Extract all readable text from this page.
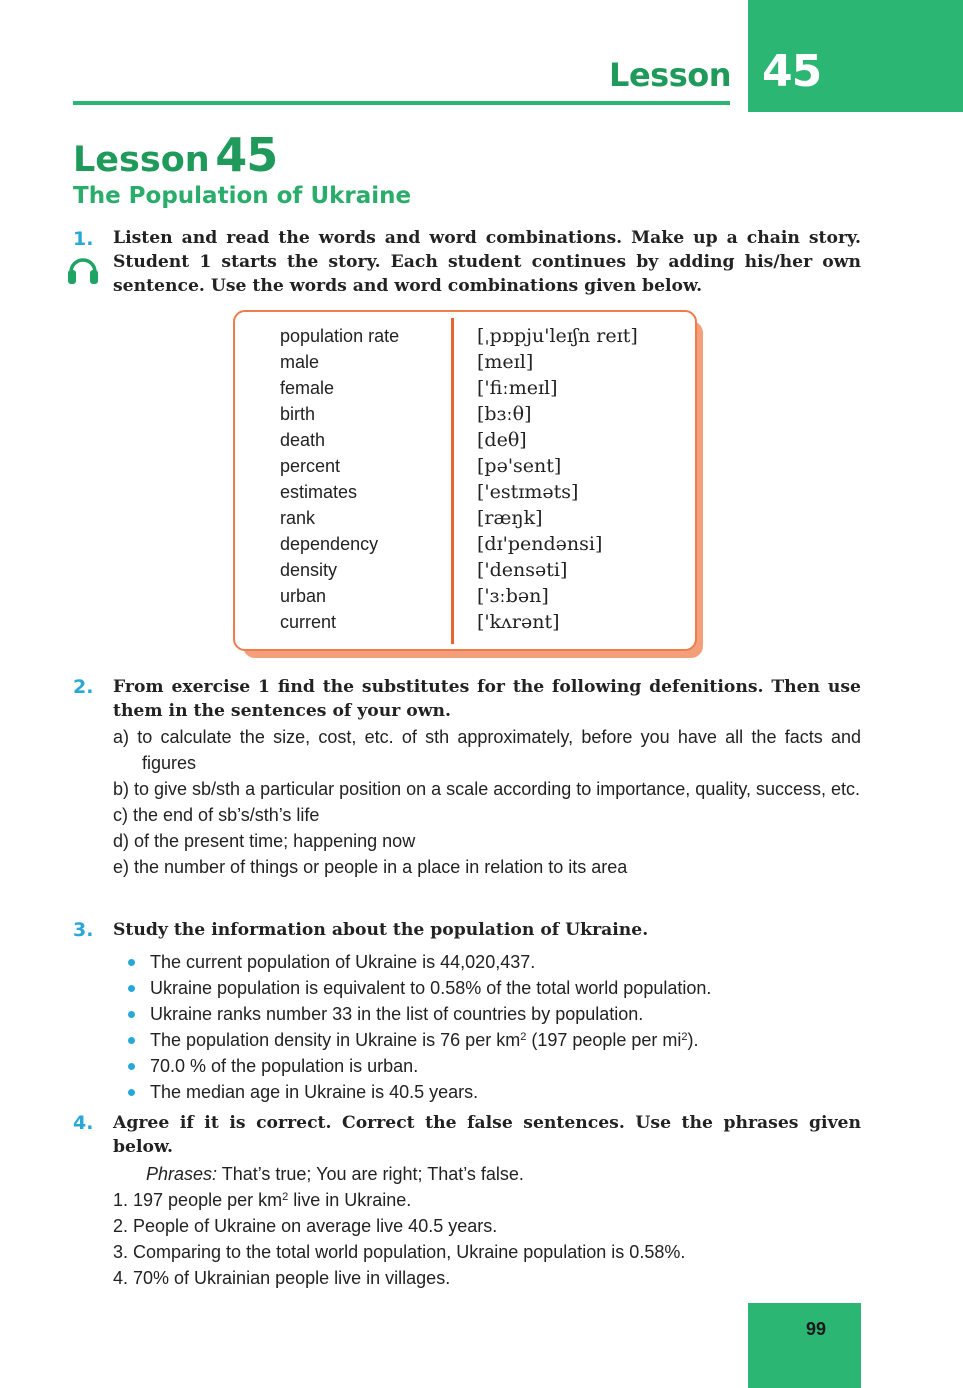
Lesson 45
Lesson 45
The Population of Ukraine
1. Listen and read the words and word combinations. Make up a chain story. Student 1 starts the story. Each student continues by adding his/her own sentence. Use the words and word combinations given below.
population rate
male
female
birth
death
percent
estimates
rank
dependency
density
urban
current
[ˌpɒpju'leɪʃn reɪt]
[meɪl]
['fiːmeɪl]
[bɜːθ]
[deθ]
[pə'sent]
['estɪməts]
[ræŋk]
[dɪ'pendənsi]
['densəti]
['ɜːbən]
['kʌrənt]
2. From exercise 1 find the substitutes for the following defenitions. Then use them in the sentences of your own.
a) to calculate the size, cost, etc. of sth approximately, before you have all the facts and figures
b) to give sb/sth a particular position on a scale according to importance, quality, success, etc.
c) the end of sb’s/sth’s life
d) of the present time; happening now
e) the number of things or people in a place in relation to its area
3. Study the information about the population of Ukraine.
The current population of Ukraine is 44,020,437.
Ukraine population is equivalent to 0.58% of the total world population.
Ukraine ranks number 33 in the list of countries by population.
The population density in Ukraine is 76 per $km^2$ (197 people per $mi^2$).
70.0 % of the population is urban.
The median age in Ukraine is 40.5 years.
4. Agree if it is correct. Correct the false sentences. Use the phrases given below.
Phrases: That’s true; You are right; That’s false.
1. 197 people per $km^2$ live in Ukraine.
2. People of Ukraine on average live 40.5 years.
3. Comparing to the total world population, Ukraine population is 0.58%.
4. 70% of Ukrainian people live in villages.
99
